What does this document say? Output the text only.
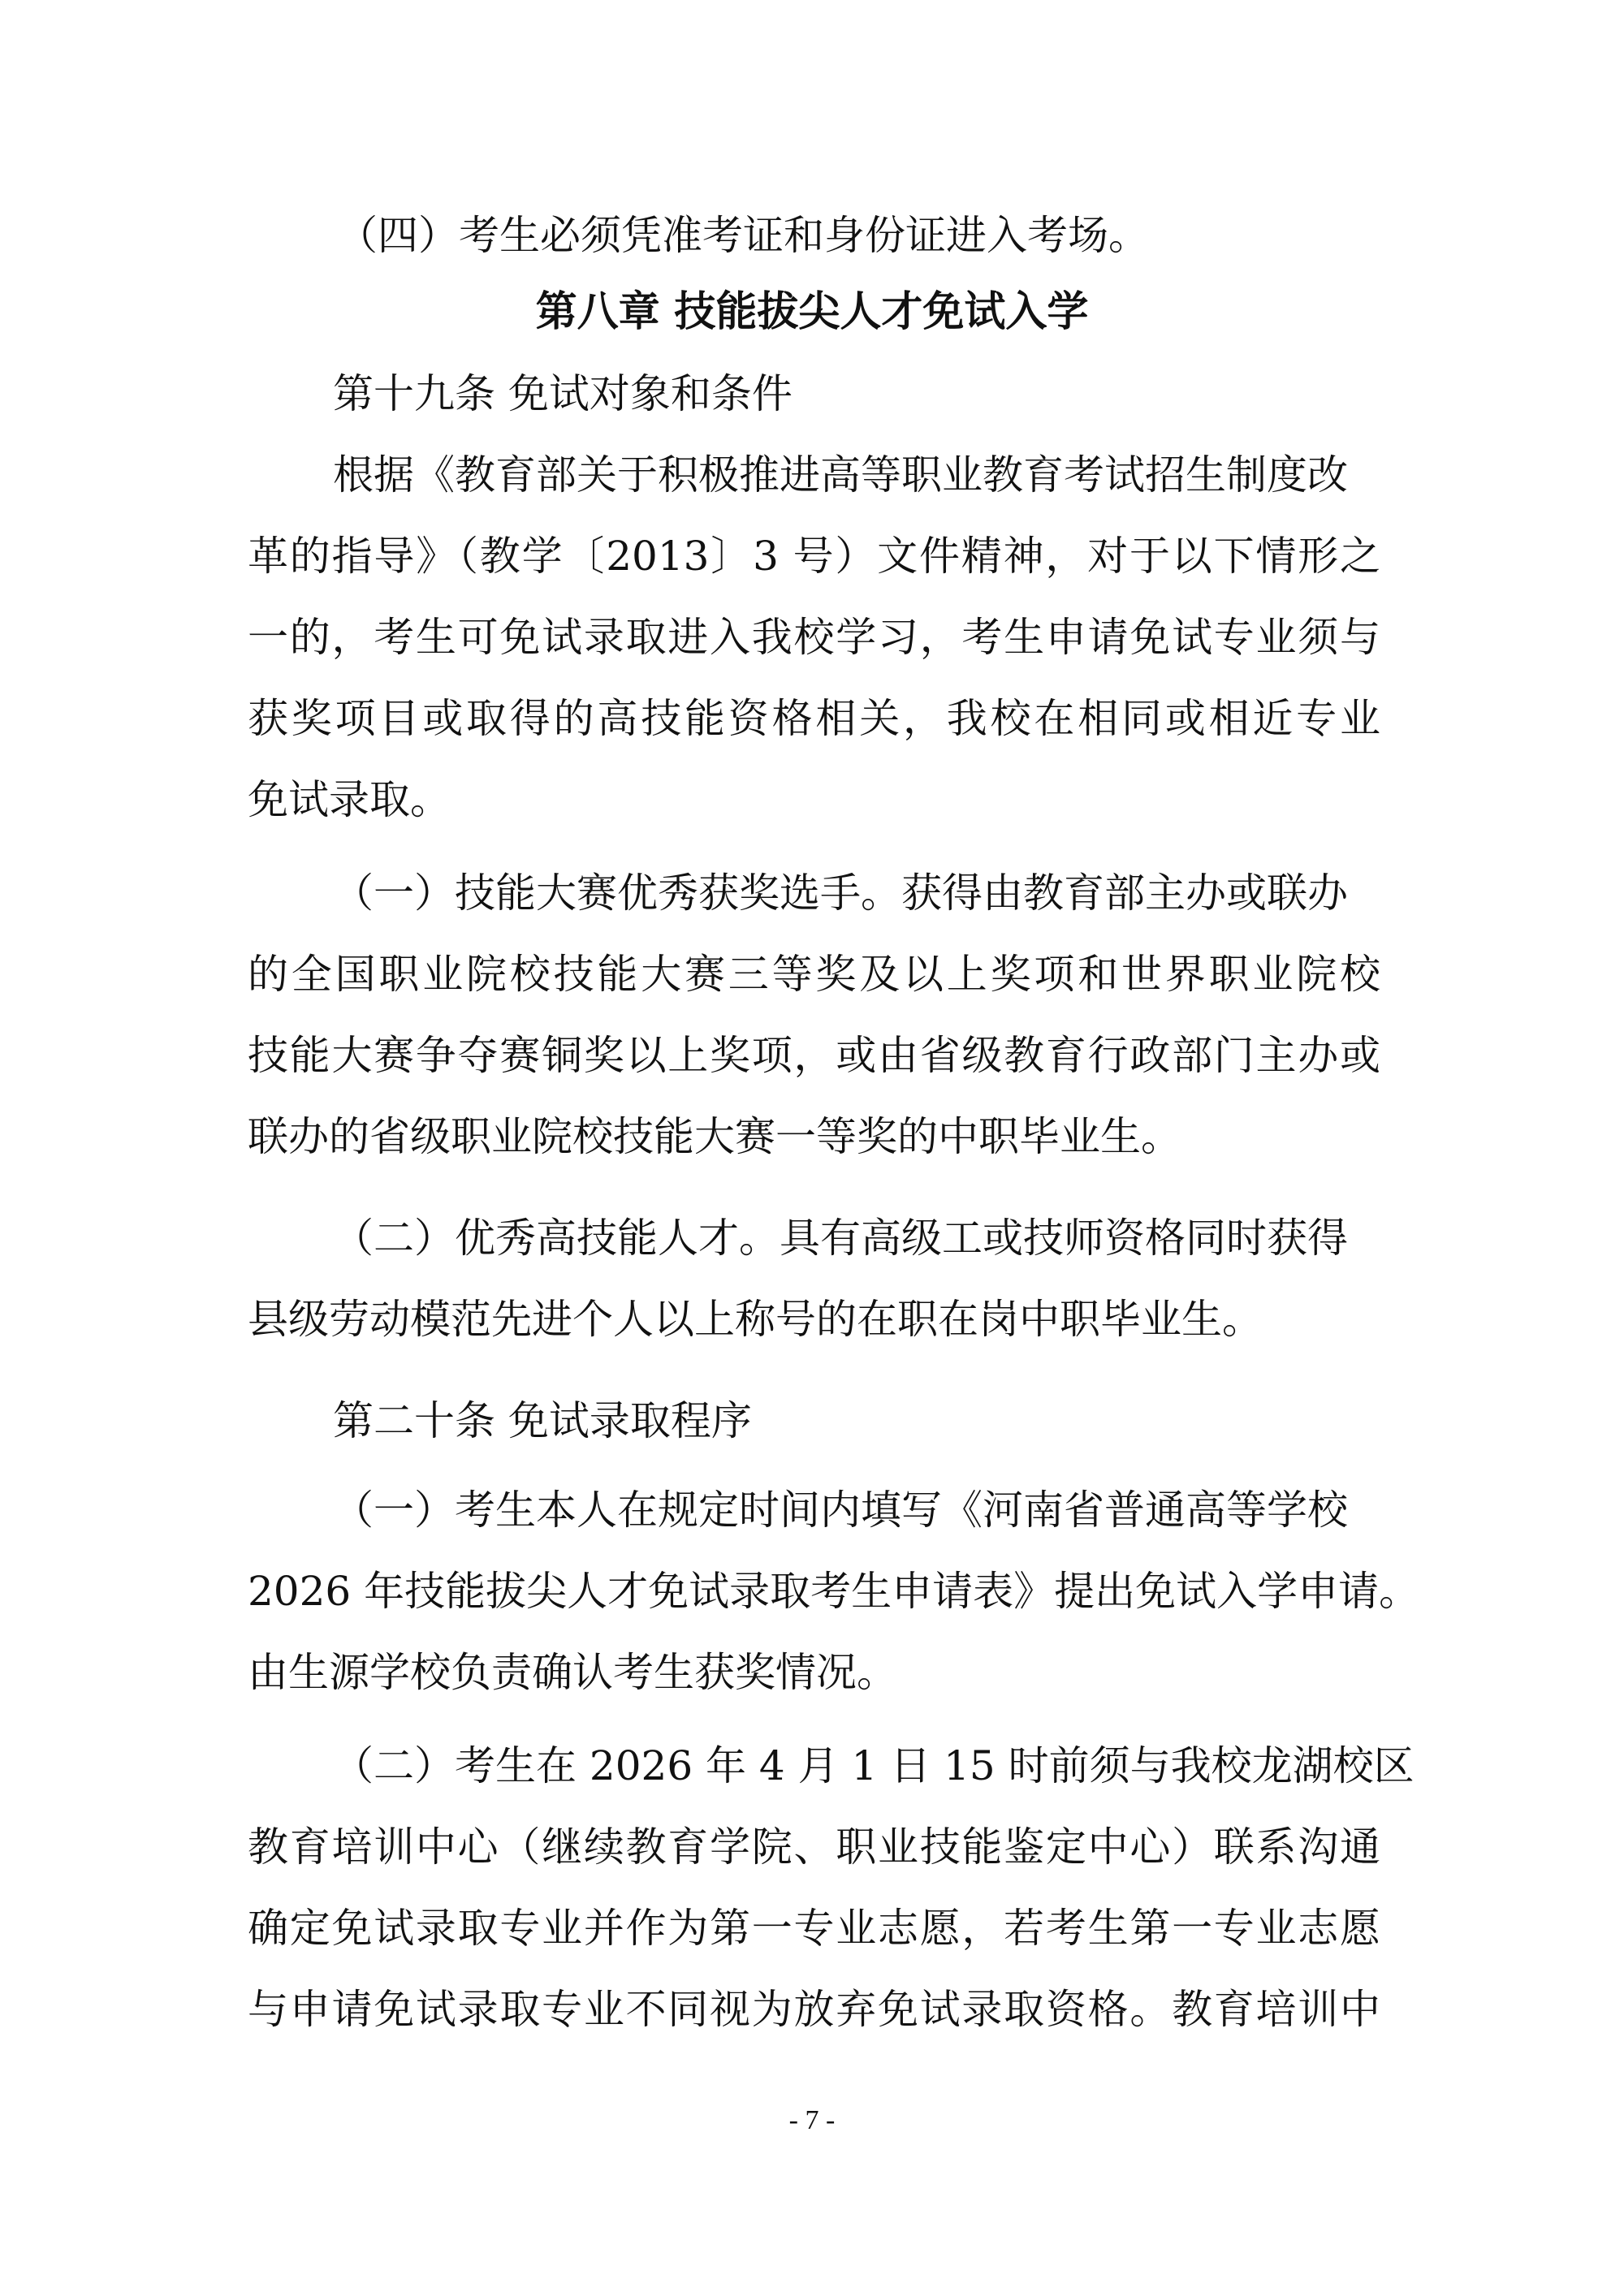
（四）考生必须凭准考证和身份证进入考场。

第八章 技能拔尖人才免试入学

第十九条 免试对象和条件

根据《教育部关于积极推进高等职业教育考试招生制度改

革的指导》（教学〔2013〕3 号）文件精神，对于以下情形之

一的，考生可免试录取进入我校学习，考生申请免试专业须与

获奖项目或取得的高技能资格相关，我校在相同或相近专业

免试录取。

（一）技能大赛优秀获奖选手。获得由教育部主办或联办

的全国职业院校技能大赛三等奖及以上奖项和世界职业院校

技能大赛争夺赛铜奖以上奖项，或由省级教育行政部门主办或

联办的省级职业院校技能大赛一等奖的中职毕业生。

（二）优秀高技能人才。具有高级工或技师资格同时获得

县级劳动模范先进个人以上称号的在职在岗中职毕业生。

第二十条 免试录取程序

（一）考生本人在规定时间内填写《河南省普通高等学校

2026 年技能拔尖人才免试录取考生申请表》提出免试入学申请。

由生源学校负责确认考生获奖情况。

（二）考生在 2026 年 4 月 1 日 15 时前须与我校龙湖校区

教育培训中心（继续教育学院、职业技能鉴定中心）联系沟通

确定免试录取专业并作为第一专业志愿，若考生第一专业志愿

与申请免试录取专业不同视为放弃免试录取资格。教育培训中

- 7 -
